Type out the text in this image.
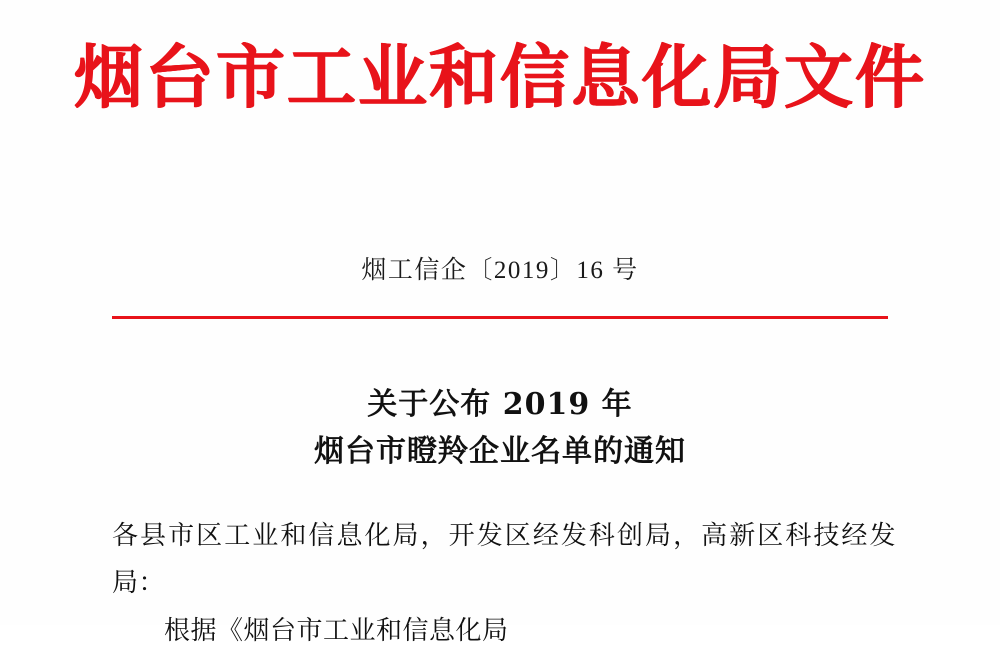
烟台市工业和信息化局文件
烟工信企〔2019〕16 号
关于公布 2019 年
烟台市瞪羚企业名单的通知

各县市区工业和信息化局，开发区经发科创局，高新区科技经发局：

根据《烟台市工业和信息化局
